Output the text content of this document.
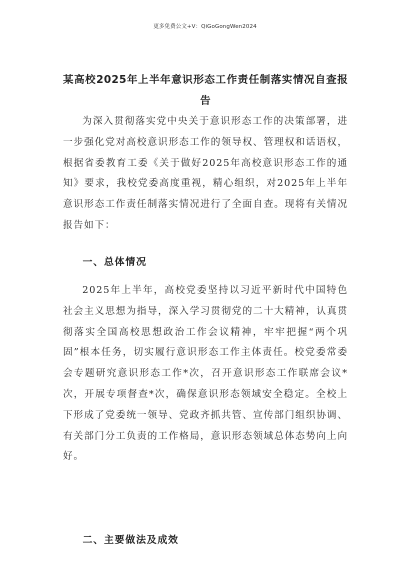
更多免费公文+V：QiGoGongWen2024
某高校2025年上半年意识形态工作责任制落实情况自查报告

为深入贯彻落实党中央关于意识形态工作的决策部署，进一步强化党对高校意识形态工作的领导权、管理权和话语权，根据省委教育工委《关于做好2025年高校意识形态工作的通知》要求，我校党委高度重视，精心组织，对2025年上半年意识形态工作责任制落实情况进行了全面自查。现将有关情况报告如下：

一、总体情况

2025年上半年，高校党委坚持以习近平新时代中国特色社会主义思想为指导，深入学习贯彻党的二十大精神，认真贯彻落实全国高校思想政治工作会议精神，牢牢把握“两个巩固”根本任务，切实履行意识形态工作主体责任。校党委常委会专题研究意识形态工作*次，召开意识形态工作联席会议*次，开展专项督查*次，确保意识形态领域安全稳定。全校上下形成了党委统一领导、党政齐抓共管、宣传部门组织协调、有关部门分工负责的工作格局，意识形态领域总体态势向上向好。

二、主要做法及成效
